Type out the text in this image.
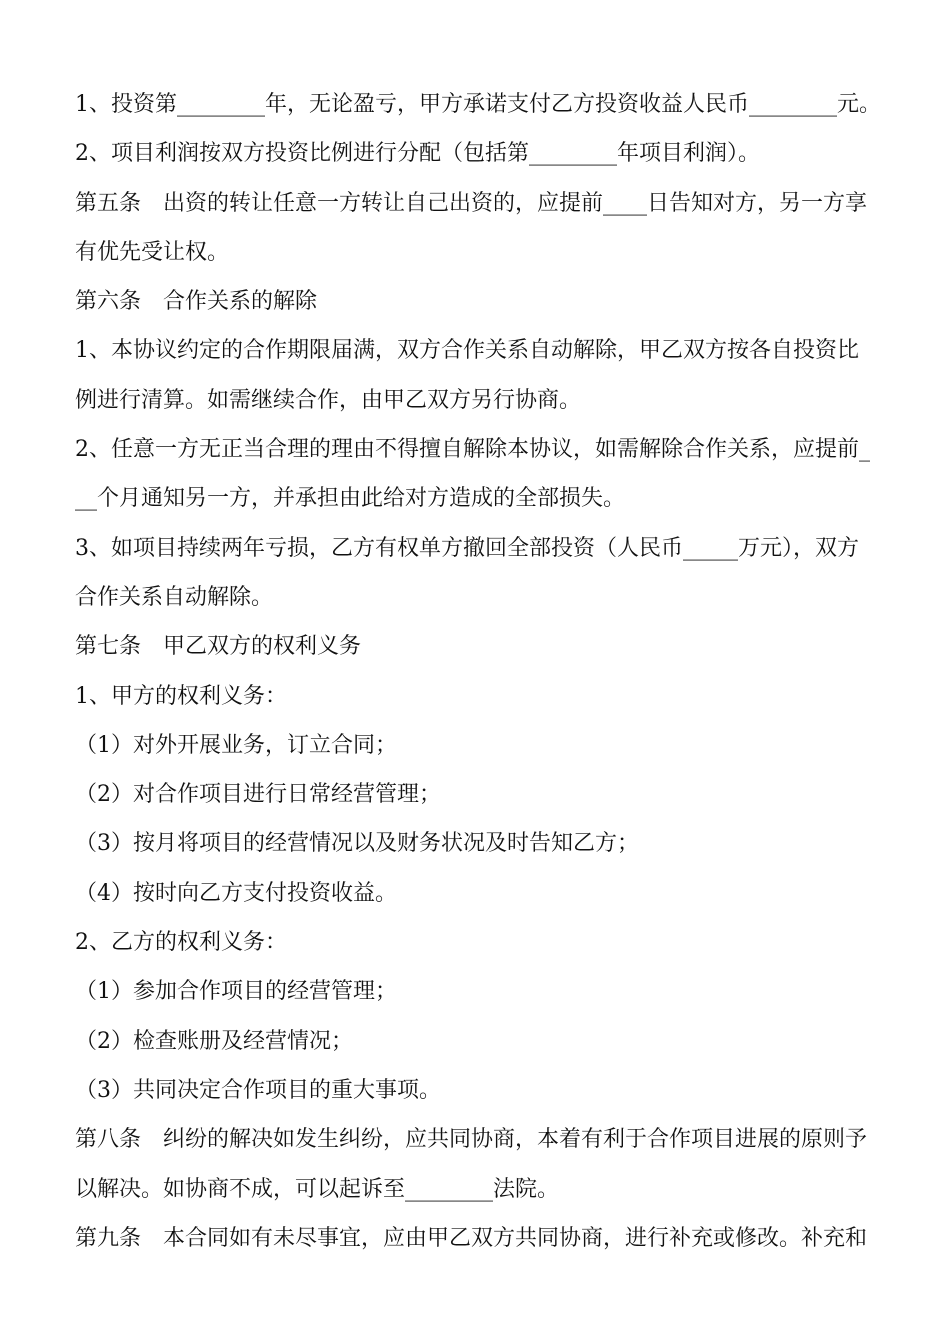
1、投资第________年，无论盈亏，甲方承诺支付乙方投资收益人民币________元。
2、项目利润按双方投资比例进行分配（包括第________年项目利润）。
第五条　出资的转让任意一方转让自己出资的，应提前____日告知对方，另一方享
有优先受让权。
第六条　合作关系的解除
1、本协议约定的合作期限届满，双方合作关系自动解除，甲乙双方按各自投资比
例进行清算。如需继续合作，由甲乙双方另行协商。
2、任意一方无正当合理的理由不得擅自解除本协议，如需解除合作关系，应提前_
__个月通知另一方，并承担由此给对方造成的全部损失。
3、如项目持续两年亏损，乙方有权单方撤回全部投资（人民币_____万元），双方
合作关系自动解除。
第七条　甲乙双方的权利义务
1、甲方的权利义务：
（1）对外开展业务，订立合同；
（2）对合作项目进行日常经营管理；
（3）按月将项目的经营情况以及财务状况及时告知乙方；
（4）按时向乙方支付投资收益。
2、乙方的权利义务：
（1）参加合作项目的经营管理；
（2）检查账册及经营情况；
（3）共同决定合作项目的重大事项。
第八条　纠纷的解决如发生纠纷，应共同协商，本着有利于合作项目进展的原则予
以解决。如协商不成，可以起诉至________法院。
第九条　本合同如有未尽事宜，应由甲乙双方共同协商，进行补充或修改。补充和
